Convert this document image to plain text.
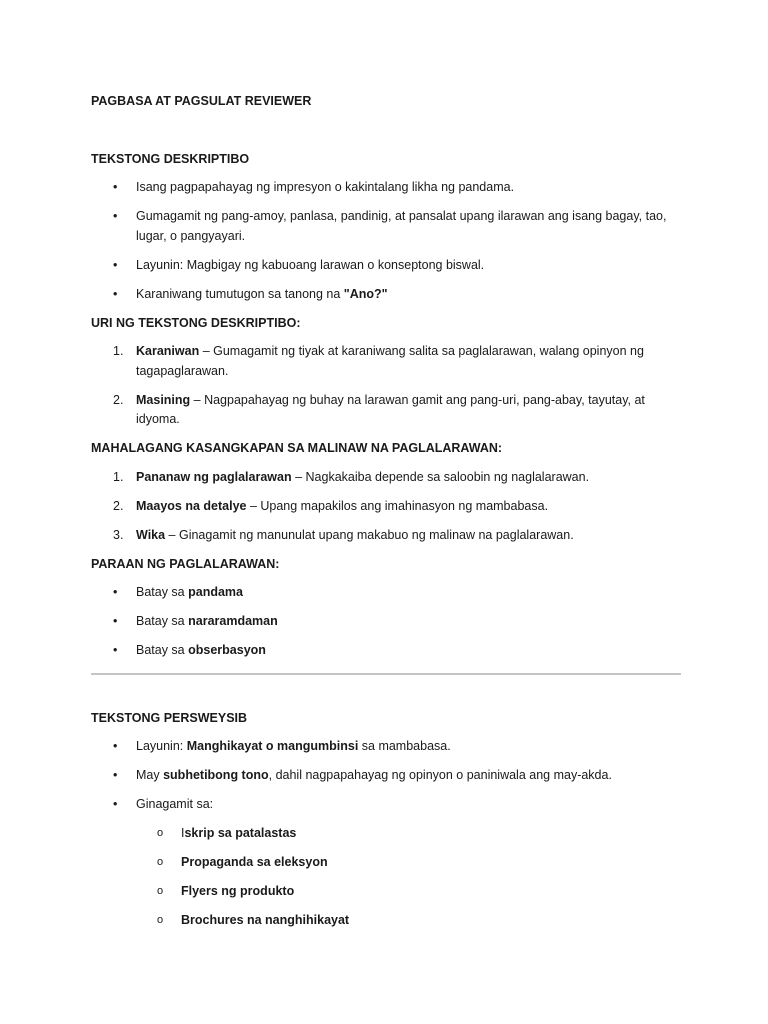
PAGBASA AT PAGSULAT REVIEWER

TEKSTONG DESKRIPTIBO

• Isang pagpapahayag ng impresyon o kakintalang likha ng pandama.
• Gumagamit ng pang-amoy, panlasa, pandinig, at pansalat upang ilarawan ang isang bagay, tao, lugar, o pangyayari.
• Layunin: Magbigay ng kabuoang larawan o konseptong biswal.
• Karaniwang tumutugon sa tanong na "Ano?"

URI NG TEKSTONG DESKRIPTIBO:

1. Karaniwan – Gumagamit ng tiyak at karaniwang salita sa paglalarawan, walang opinyon ng tagapaglarawan.
2. Masining – Nagpapahayag ng buhay na larawan gamit ang pang-uri, pang-abay, tayutay, at idyoma.

MAHALAGANG KASANGKAPAN SA MALINAW NA PAGLALARAWAN:

1. Pananaw ng paglalarawan – Nagkakaiba depende sa saloobin ng naglalarawan.
2. Maayos na detalye – Upang mapakilos ang imahinasyon ng mambabasa.
3. Wika – Ginagamit ng manunulat upang makabuo ng malinaw na paglalarawan.

PARAAN NG PAGLALARAWAN:

• Batay sa pandama
• Batay sa nararamdaman
• Batay sa obserbasyon

TEKSTONG PERSWEYSIB

• Layunin: Manghikayat o mangumbinsi sa mambabasa.
• May subhetibong tono, dahil nagpapahayag ng opinyon o paniniwala ang may-akda.
• Ginagamit sa:
o Iskrip sa patalastas
o Propaganda sa eleksyon
o Flyers ng produkto
o Brochures na nanghihikayat
